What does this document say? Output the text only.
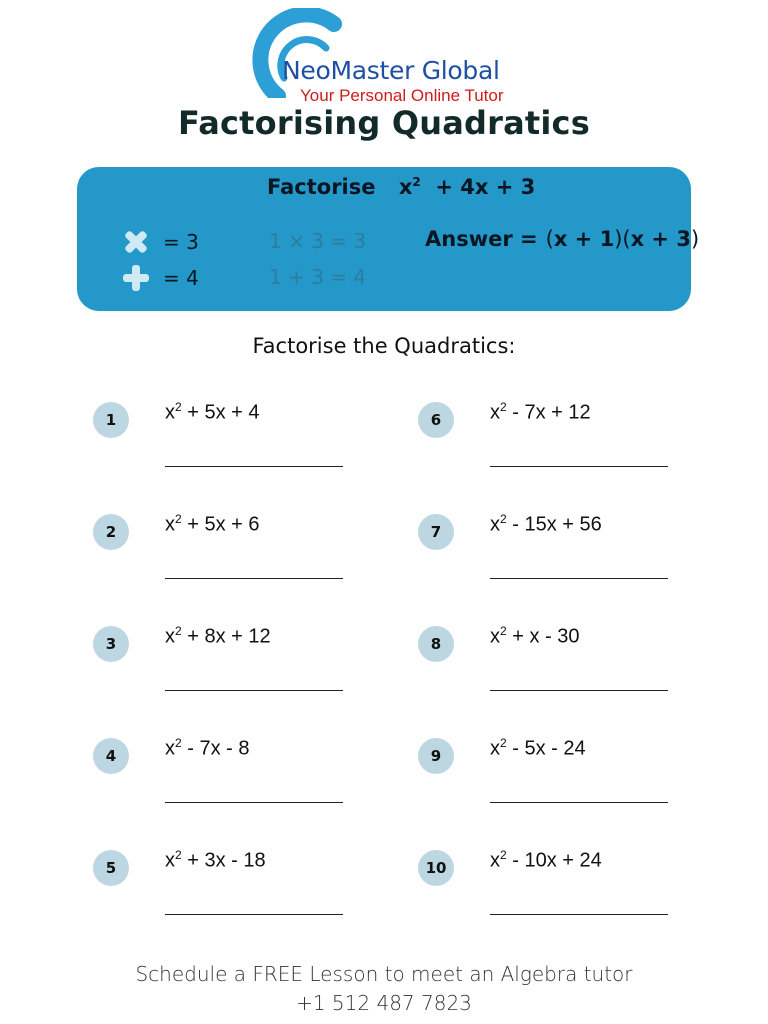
NeoMaster Global
Your Personal Online Tutor
Factorising Quadratics
Factorise $x^2 + 4x + 3$
= 3	1 × 3 = 3
= 4	1 + 3 = 4
Answer = (x + 1)(x + 3)
Factorise the Quadratics:
1	$x^2 + 5x + 4$
2	$x^2 + 5x + 6$
3	$x^2 + 8x + 12$
4	$x^2 - 7x - 8$
5	$x^2 + 3x - 18$
6	$x^2 - 7x + 12$
7	$x^2 - 15x + 56$
8	$x^2 + x - 30$
9	$x^2 - 5x - 24$
10	$x^2 - 10x + 24$
Schedule a FREE Lesson to meet an Algebra tutor
+1 512 487 7823
